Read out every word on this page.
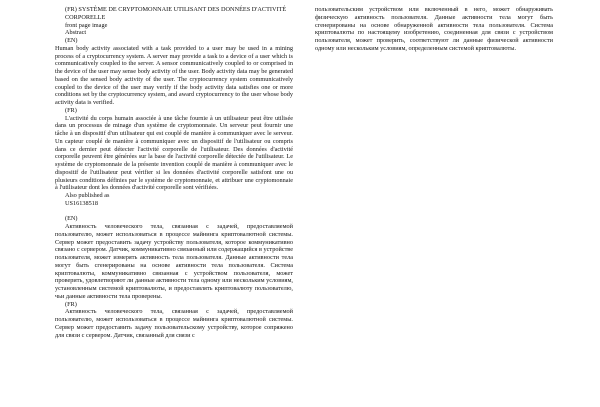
(FR) SYSTÈME DE CRYPTOMONNAIE UTILISANT DES DONNÉES D'ACTIVITÉ CORPORELLE

front page image

Abstract

(EN)

Human body activity associated with a task provided to a user may be used in a mining process of a cryptocurrency system. A server may provide a task to a device of a user which is communicatively coupled to the server. A sensor communicatively coupled to or comprised in the device of the user may sense body activity of the user. Body activity data may be generated based on the sensed body activity of the user. The cryptocurrency system communicatively coupled to the device of the user may verify if the body activity data satisfies one or more conditions set by the cryptocurrency system, and award cryptocurrency to the user whose body activity data is verified.

(FR)

L'activité du corps humain associée à une tâche fournie à un utilisateur peut être utilisée dans un processus de minage d'un système de cryptomonnaie. Un serveur peut fournir une tâche à un dispositif d'un utilisateur qui est couplé de manière à communiquer avec le serveur. Un capteur couplé de manière à communiquer avec un dispositif de l'utilisateur ou compris dans ce dernier peut détecter l'activité corporelle de l'utilisateur. Des données d'activité corporelle peuvent être générées sur la base de l'activité corporelle détectée de l'utilisateur. Le système de cryptomonnaie de la présente invention couplé de manière à communiquer avec le dispositif de l'utilisateur peut vérifier si les données d'activité corporelle satisfont une ou plusieurs conditions définies par le système de cryptomonnaie, et attribuer une cryptomonnaie à l'utilisateur dont les données d'activité corporelle sont vérifiées.

Also published as

US16138518

(EN)

Активность человеческого тела, связанная с задачей, предоставляемой пользователю, может использоваться в процессе майнинга криптовалютной системы. Сервер может предоставить задачу устройству пользователя, которое коммуникативно связано с сервером. Датчик, коммуникативно связанный или содержащийся в устройстве пользователя, может измерять активность тела пользователя. Данные активности тела могут быть сгенерированы на основе активности тела пользователя. Система криптовалюты, коммуникативно связанная с устройством пользователя, может проверить, удовлетворяют ли данные активности тела одному или нескольким условиям, установленным системой криптовалюты, и предоставлять криптовалюту пользователю, чьи данные активности тела проверены.

(FR)

Активность человеческого тела, связанная с задачей, предоставляемой пользователю, может использоваться в процессе майнинга криптовалютной системы. Сервер может предоставить задачу пользовательскому устройству, которое сопряжено для связи с сервером. Датчик, связанный для связи с

пользовательским устройством или включенный в него, может обнаруживать физическую активность пользователя. Данные активности тела могут быть сгенерированы на основе обнаруженной активности тела пользователя. Система криптовалюты по настоящему изобретению, соединенная для связи с устройством пользователя, может проверить, соответствуют ли данные физической активности одному или нескольким условиям, определенным системой криптовалюты.
